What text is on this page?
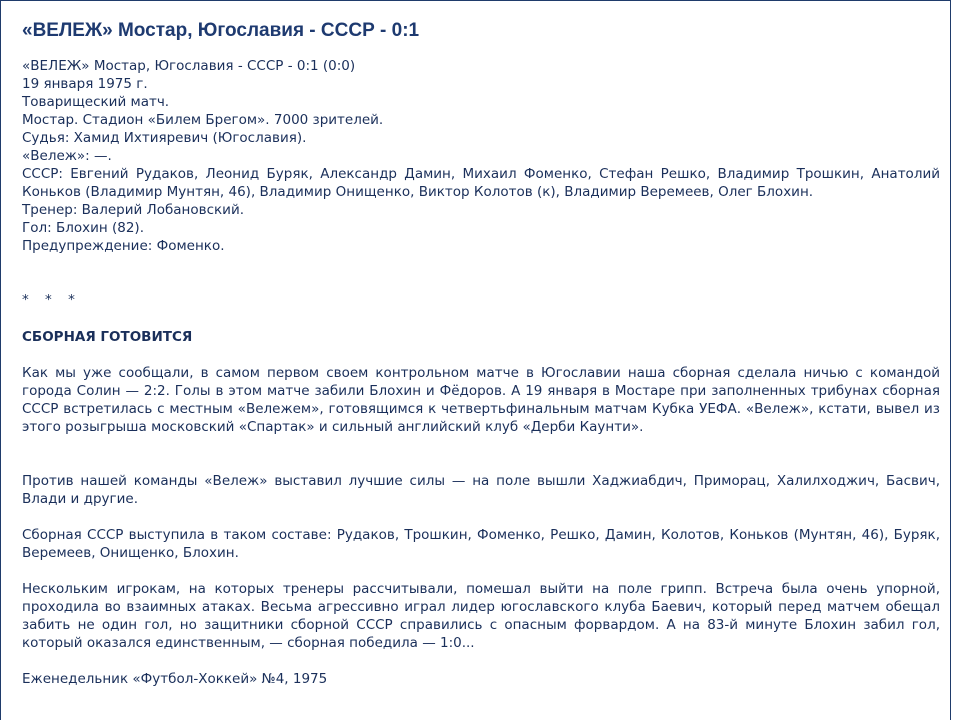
«ВЕЛЕЖ» Мостар, Югославия - СССР - 0:1
«ВЕЛЕЖ» Мостар, Югославия - СССР - 0:1 (0:0)
19 января 1975 г.
Товарищеский матч.
Мостар. Стадион «Билем Брегом». 7000 зрителей.
Судья: Хамид Ихтияревич (Югославия).
«Вележ»: —.
СССР: Евгений Рудаков, Леонид Буряк, Александр Дамин, Михаил Фоменко, Стефан Решко, Владимир Трошкин, Анатолий Коньков (Владимир Мунтян, 46), Владимир Онищенко, Виктор Колотов (к), Владимир Веремеев, Олег Блохин.
Тренер: Валерий Лобановский.
Гол: Блохин (82).
Предупреждение: Фоменко.
* * *
СБОРНАЯ ГОТОВИТСЯ
Как мы уже сообщали, в самом первом своем контрольном матче в Югославии наша сборная сделала ничью с командой города Солин — 2:2. Голы в этом матче забили Блохин и Фёдоров. А 19 января в Мостаре при заполненных трибунах сборная СССР встретилась с местным «Вележем», готовящимся к четвертьфинальным матчам Кубка УЕФА. «Вележ», кстати, вывел из этого розыгрыша московский «Спартак» и сильный английский клуб «Дерби Каунти».
Против нашей команды «Вележ» выставил лучшие силы — на поле вышли Хаджиабдич, Приморац, Халилходжич, Басвич, Влади и другие.
Сборная СССР выступила в таком составе: Рудаков, Трошкин, Фоменко, Решко, Дамин, Колотов, Коньков (Мунтян, 46), Буряк, Веремеев, Онищенко, Блохин.
Нескольким игрокам, на которых тренеры рассчитывали, помешал выйти на поле грипп. Встреча была очень упорной, проходила во взаимных атаках. Весьма агрессивно играл лидер югославского клуба Баевич, который перед матчем обещал забить не один гол, но защитники сборной СССР справились с опасным форвардом. А на 83-й минуте Блохин забил гол, который оказался единственным, — сборная победила — 1:0...
Еженедельник «Футбол-Хоккей» №4, 1975
